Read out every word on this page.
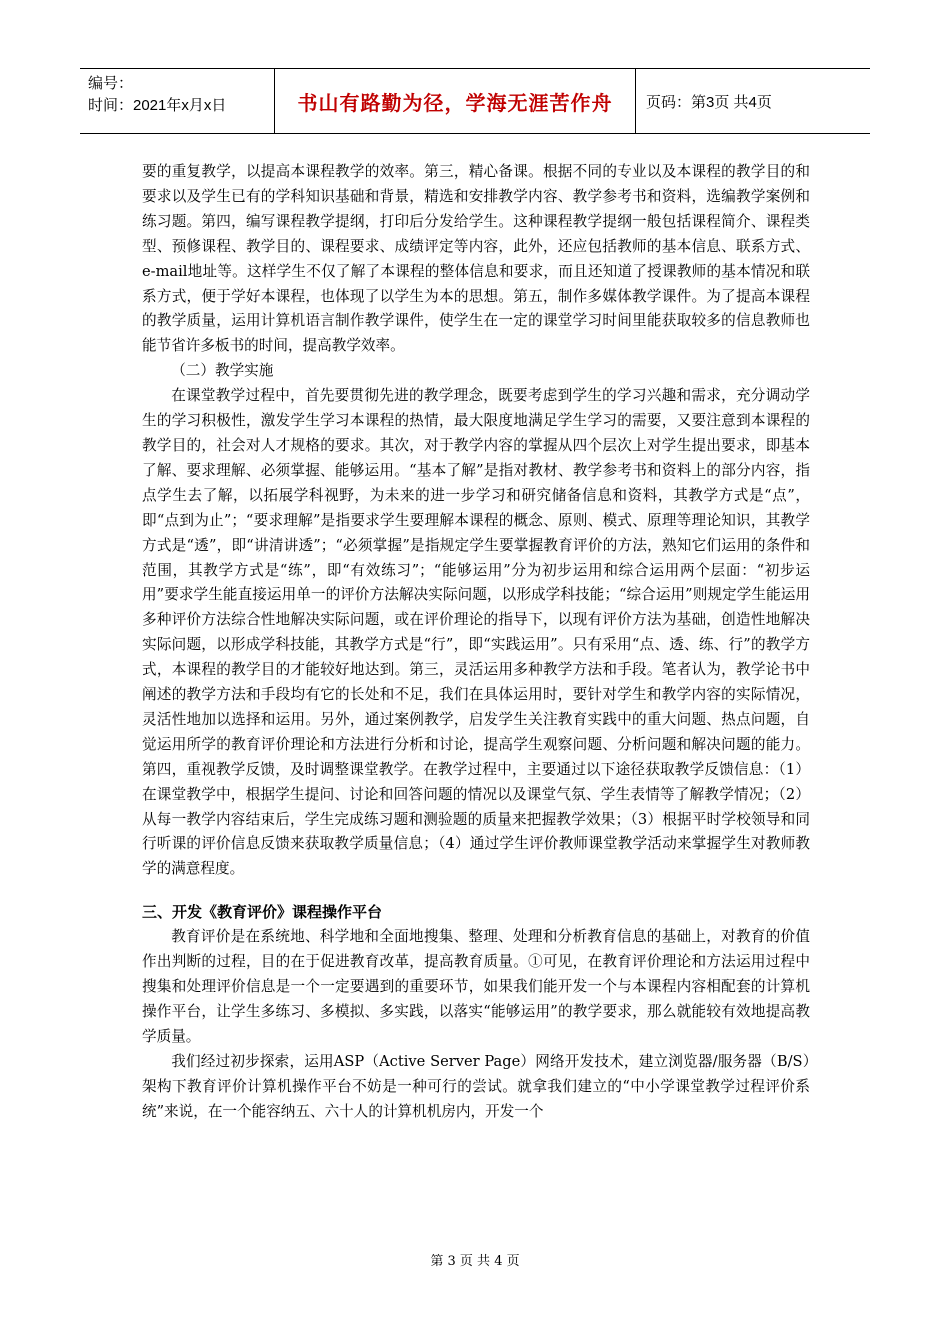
编号：
时间：2021年x月x日	书山有路勤为径，学海无涯苦作舟	页码：第3页 共4页

要的重复教学，以提高本课程教学的效率。第三，精心备课。根据不同的专业以及本课程的教学目的和要求以及学生已有的学科知识基础和背景，精选和安排教学内容、教学参考书和资料，选编教学案例和练习题。第四，编写课程教学提纲，打印后分发给学生。这种课程教学提纲一般包括课程简介、课程类型、预修课程、教学目的、课程要求、成绩评定等内容，此外，还应包括教师的基本信息、联系方式、e-mail地址等。这样学生不仅了解了本课程的整体信息和要求，而且还知道了授课教师的基本情况和联系方式，便于学好本课程，也体现了以学生为本的思想。第五，制作多媒体教学课件。为了提高本课程的教学质量，运用计算机语言制作教学课件，使学生在一定的课堂学习时间里能获取较多的信息教师也能节省许多板书的时间，提高教学效率。

（二）教学实施

在课堂教学过程中，首先要贯彻先进的教学理念，既要考虑到学生的学习兴趣和需求，充分调动学生的学习积极性，激发学生学习本课程的热情，最大限度地满足学生学习的需要，又要注意到本课程的教学目的，社会对人才规格的要求。其次，对于教学内容的掌握从四个层次上对学生提出要求，即基本了解、要求理解、必须掌握、能够运用。“基本了解”是指对教材、教学参考书和资料上的部分内容，指点学生去了解，以拓展学科视野，为未来的进一步学习和研究储备信息和资料，其教学方式是“点”，即“点到为止”；“要求理解”是指要求学生要理解本课程的概念、原则、模式、原理等理论知识，其教学方式是“透”，即“讲清讲透”；“必须掌握”是指规定学生要掌握教育评价的方法，熟知它们运用的条件和范围，其教学方式是“练”，即“有效练习”；“能够运用”分为初步运用和综合运用两个层面：“初步运用”要求学生能直接运用单一的评价方法解决实际问题，以形成学科技能；“综合运用”则规定学生能运用多种评价方法综合性地解决实际问题，或在评价理论的指导下，以现有评价方法为基础，创造性地解决实际问题，以形成学科技能，其教学方式是“行”，即“实践运用”。只有采用“点、透、练、行”的教学方式，本课程的教学目的才能较好地达到。第三，灵活运用多种教学方法和手段。笔者认为，教学论书中阐述的教学方法和手段均有它的长处和不足，我们在具体运用时，要针对学生和教学内容的实际情况，灵活性地加以选择和运用。另外，通过案例教学，启发学生关注教育实践中的重大问题、热点问题，自觉运用所学的教育评价理论和方法进行分析和讨论，提高学生观察问题、分析问题和解决问题的能力。第四，重视教学反馈，及时调整课堂教学。在教学过程中，主要通过以下途径获取教学反馈信息：（1）在课堂教学中，根据学生提问、讨论和回答问题的情况以及课堂气氛、学生表情等了解教学情况；（2）从每一教学内容结束后，学生完成练习题和测验题的质量来把握教学效果；（3）根据平时学校领导和同行听课的评价信息反馈来获取教学质量信息；（4）通过学生评价教师课堂教学活动来掌握学生对教师教学的满意程度。

三、开发《教育评价》课程操作平台

教育评价是在系统地、科学地和全面地搜集、整理、处理和分析教育信息的基础上，对教育的价值作出判断的过程，目的在于促进教育改革，提高教育质量。①可见，在教育评价理论和方法运用过程中搜集和处理评价信息是一个一定要遇到的重要环节，如果我们能开发一个与本课程内容相配套的计算机操作平台，让学生多练习、多模拟、多实践，以落实“能够运用”的教学要求，那么就能较有效地提高教学质量。

我们经过初步探索，运用ASP（Active Server Page）网络开发技术，建立浏览器/服务器（B/S）架构下教育评价计算机操作平台不妨是一种可行的尝试。就拿我们建立的“中小学课堂教学过程评价系统”来说，在一个能容纳五、六十人的计算机机房内，开发一个

第 3 页 共 4 页
